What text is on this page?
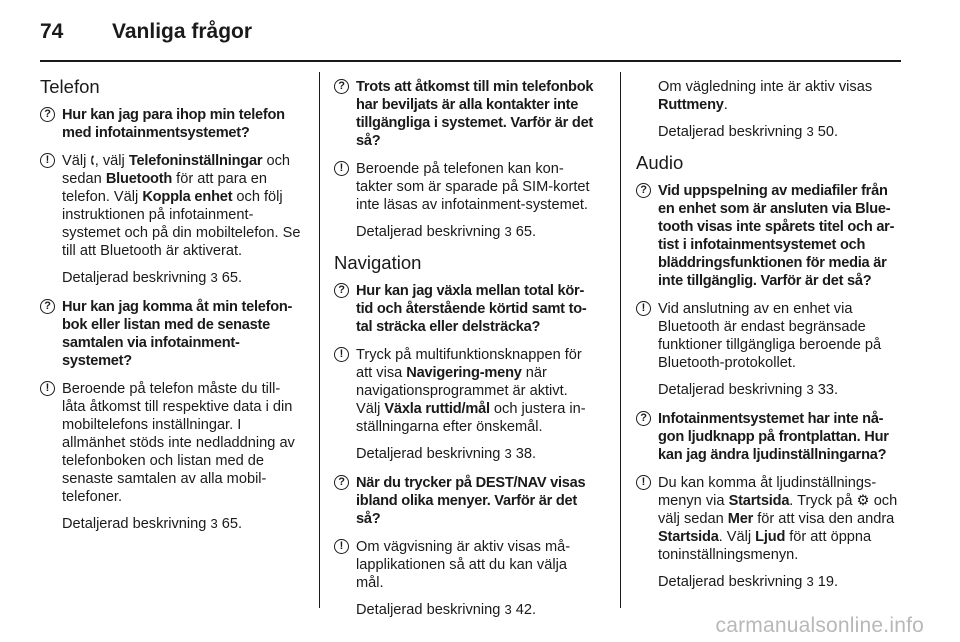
74	Vanliga frågor
Telefon
? Hur kan jag para ihop min telefon med infotainmentsystemet?
! Välj 🕻, välj Telefoninställningar och sedan Bluetooth för att para en telefon. Välj Koppla enhet och följ instruktionen på infotainment-systemet och på din mobiltelefon. Se till att Bluetooth är aktiverat.
Detaljerad beskrivning 3 65.
? Hur kan jag komma åt min telefon-bok eller listan med de senaste samtalen via infotainment-systemet?
! Beroende på telefon måste du till-låta åtkomst till respektive data i din mobiltelefons inställningar. I allmänhet stöds inte nedladdning av telefonboken och listan med de senaste samtalen av alla mobil-telefoner.
Detaljerad beskrivning 3 65.
? Trots att åtkomst till min telefonbok har beviljats är alla kontakter inte tillgängliga i systemet. Varför är det så?
! Beroende på telefonen kan kon-takter som är sparade på SIM-kortet inte läsas av infotainment-systemet.
Detaljerad beskrivning 3 65.
Navigation
? Hur kan jag växla mellan total kör-tid och återstående körtid samt to-tal sträcka eller delsträcka?
! Tryck på multifunktionsknappen för att visa Navigering-meny när navigationsprogrammet är aktivt. Välj Växla ruttid/mål och justera in-ställningarna efter önskemål.
Detaljerad beskrivning 3 38.
? När du trycker på DEST/NAV visas ibland olika menyer. Varför är det så?
! Om vägvisning är aktiv visas må-lapplikationen så att du kan välja mål.
Detaljerad beskrivning 3 42.
Om vägledning inte är aktiv visas Ruttmeny.
Detaljerad beskrivning 3 50.
Audio
? Vid uppspelning av mediafiler från en enhet som är ansluten via Blue-tooth visas inte spårets titel och ar-tist i infotainmentsystemet och bläddringsfunktionen för media är inte tillgänglig. Varför är det så?
! Vid anslutning av en enhet via Bluetooth är endast begränsade funktioner tillgängliga beroende på Bluetooth-protokollet.
Detaljerad beskrivning 3 33.
? Infotainmentsystemet har inte nå-gon ljudknapp på frontplattan. Hur kan jag ändra ljudinställningarna?
! Du kan komma åt ljudinställnings-menyn via Startsida. Tryck på ⚙ och välj sedan Mer för att visa den andra Startsida. Välj Ljud för att öppna toninställningsmenyn.
Detaljerad beskrivning 3 19.
carmanualsonline.info
